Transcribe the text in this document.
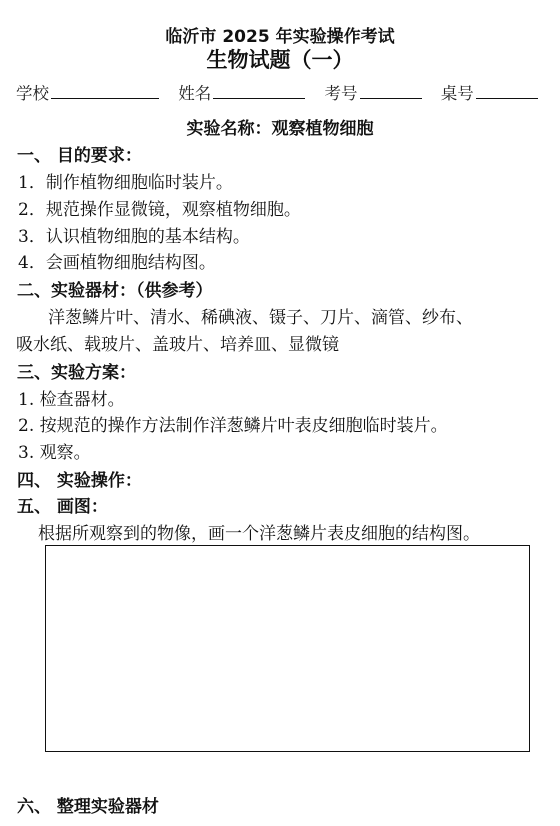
临沂市 2025 年实验操作考试
生物试题（一）
学校	姓名	考号	桌号
实验名称：观察植物细胞
一、 目的要求：
1．制作植物细胞临时装片。
2．规范操作显微镜，观察植物细胞。
3．认识植物细胞的基本结构。
4．会画植物细胞结构图。
二、实验器材：（供参考）
洋葱鳞片叶、清水、稀碘液、镊子、刀片、滴管、纱布、
吸水纸、载玻片、盖玻片、培养皿、显微镜
三、实验方案：
1. 检查器材。
2. 按规范的操作方法制作洋葱鳞片叶表皮细胞临时装片。
3. 观察。
四、 实验操作：
五、 画图：
根据所观察到的物像，画一个洋葱鳞片表皮细胞的结构图。
六、 整理实验器材
